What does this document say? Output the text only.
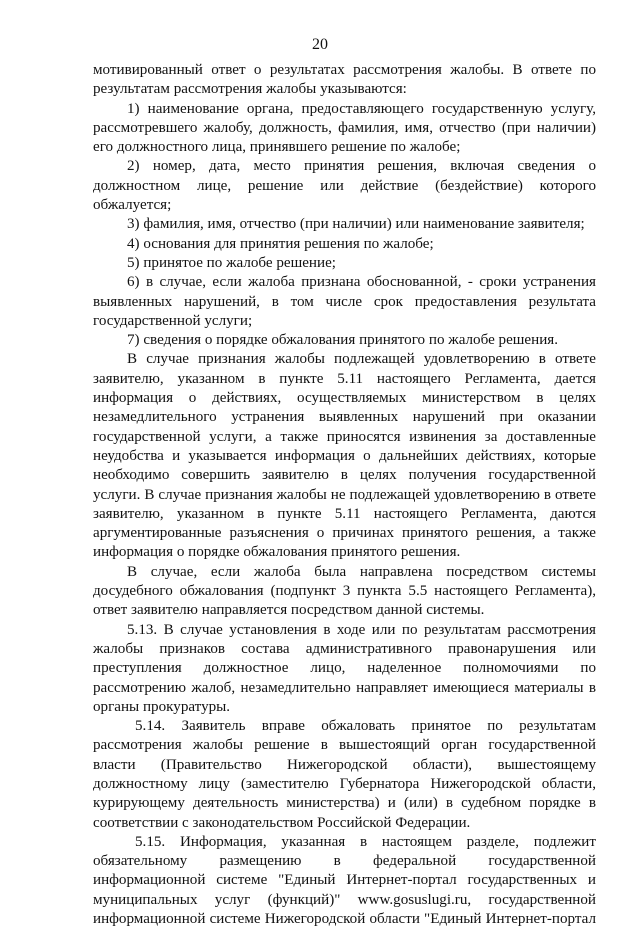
20
мотивированный ответ о результатах рассмотрения жалобы. В ответе по
результатам рассмотрения жалобы указываются:
1) наименование органа, предоставляющего государственную услугу,
рассмотревшего жалобу, должность, фамилия, имя, отчество (при наличии)
его должностного лица, принявшего решение по жалобе;
2) номер, дата, место принятия решения, включая сведения о
должностном лице, решение или действие (бездействие) которого
обжалуется;
3) фамилия, имя, отчество (при наличии) или наименование заявителя;
4) основания для принятия решения по жалобе;
5) принятое по жалобе решение;
6) в случае, если жалоба признана обоснованной, - сроки устранения
выявленных нарушений, в том числе срок предоставления результата
государственной услуги;
7) сведения о порядке обжалования принятого по жалобе решения.
В случае признания жалобы подлежащей удовлетворению в ответе
заявителю, указанном в пункте 5.11 настоящего Регламента, дается
информация о действиях, осуществляемых министерством в целях
незамедлительного устранения выявленных нарушений при оказании
государственной услуги, а также приносятся извинения за доставленные
неудобства и указывается информация о дальнейших действиях, которые
необходимо совершить заявителю в целях получения государственной
услуги. В случае признания жалобы не подлежащей удовлетворению в ответе
заявителю, указанном в пункте 5.11 настоящего Регламента, даются
аргументированные разъяснения о причинах принятого решения, а также
информация о порядке обжалования принятого решения.
В случае, если жалоба была направлена посредством системы
досудебного обжалования (подпункт 3 пункта 5.5 настоящего Регламента),
ответ заявителю направляется посредством данной системы.
5.13. В случае установления в ходе или по результатам рассмотрения
жалобы признаков состава административного правонарушения или
преступления должностное лицо, наделенное полномочиями по
рассмотрению жалоб, незамедлительно направляет имеющиеся материалы в
органы прокуратуры.
5.14. Заявитель вправе обжаловать принятое по результатам
рассмотрения жалобы решение в вышестоящий орган государственной
власти (Правительство Нижегородской области), вышестоящему
должностному лицу (заместителю Губернатора Нижегородской области,
курирующему деятельность министерства) и (или) в судебном порядке в
соответствии с законодательством Российской Федерации.
5.15. Информация, указанная в настоящем разделе, подлежит
обязательному размещению в федеральной государственной
информационной системе "Единый Интернет-портал государственных и
муниципальных услуг (функций)" www.gosuslugi.ru, государственной
информационной системе Нижегородской области "Единый Интернет-портал
